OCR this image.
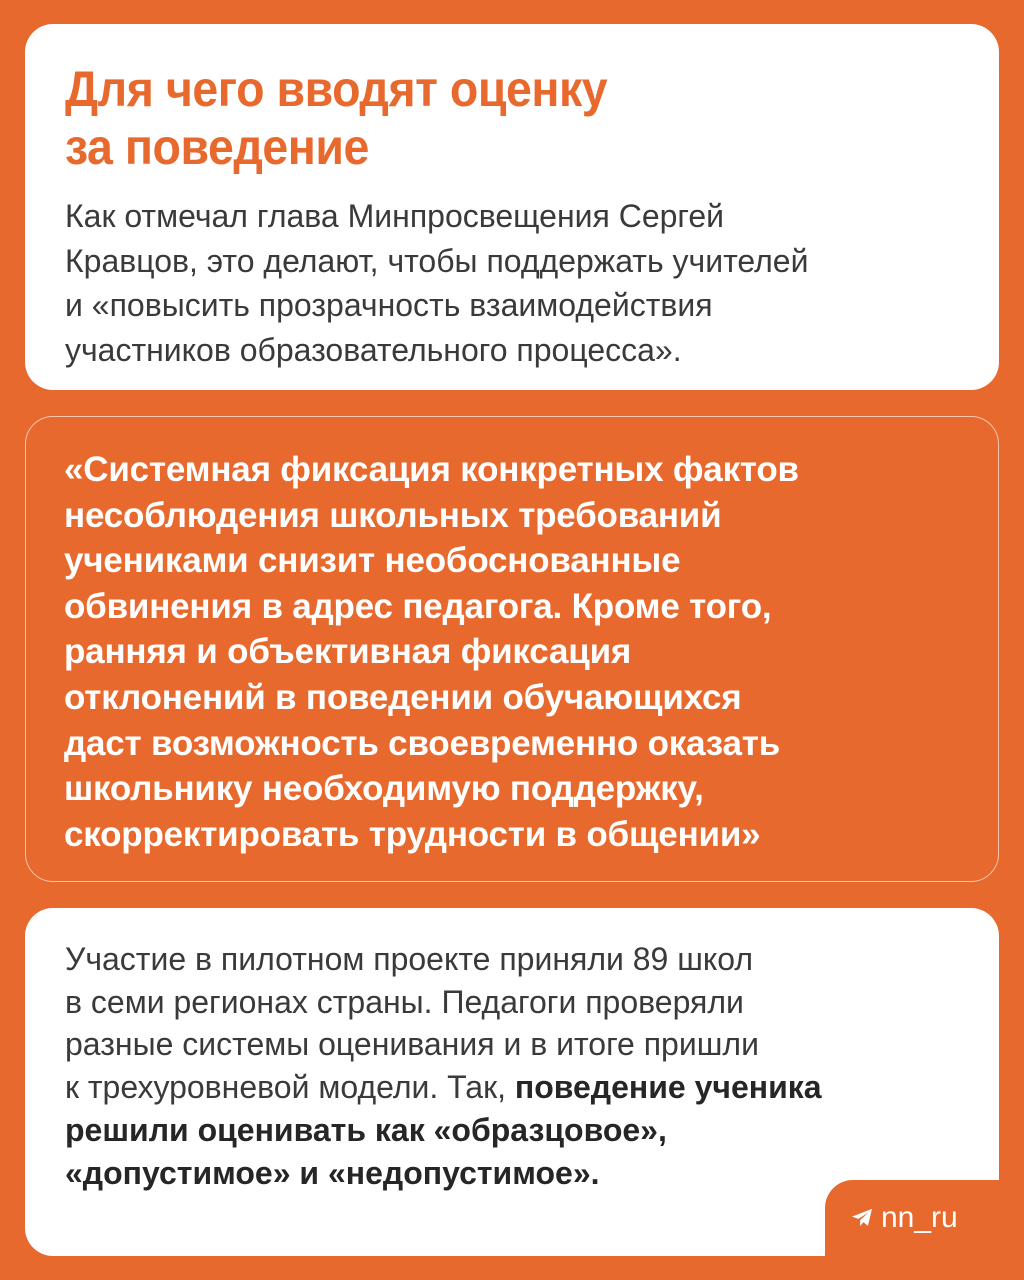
Для чего вводят оценку
за поведение

Как отмечал глава Минпросвещения Сергей
Кравцов, это делают, чтобы поддержать учителей
и «повысить прозрачность взаимодействия
участников образовательного процесса».

«Системная фиксация конкретных фактов
несоблюдения школьных требований
учениками снизит необоснованные
обвинения в адрес педагога. Кроме того,
ранняя и объективная фиксация
отклонений в поведении обучающихся
даст возможность своевременно оказать
школьнику необходимую поддержку,
скорректировать трудности в общении»

Участие в пилотном проекте приняли 89 школ
в семи регионах страны. Педагоги проверяли
разные системы оценивания и в итоге пришли
к трехуровневой модели. Так, поведение ученика
решили оценивать как «образцовое»,
«допустимое» и «недопустимое».

nn_ru
